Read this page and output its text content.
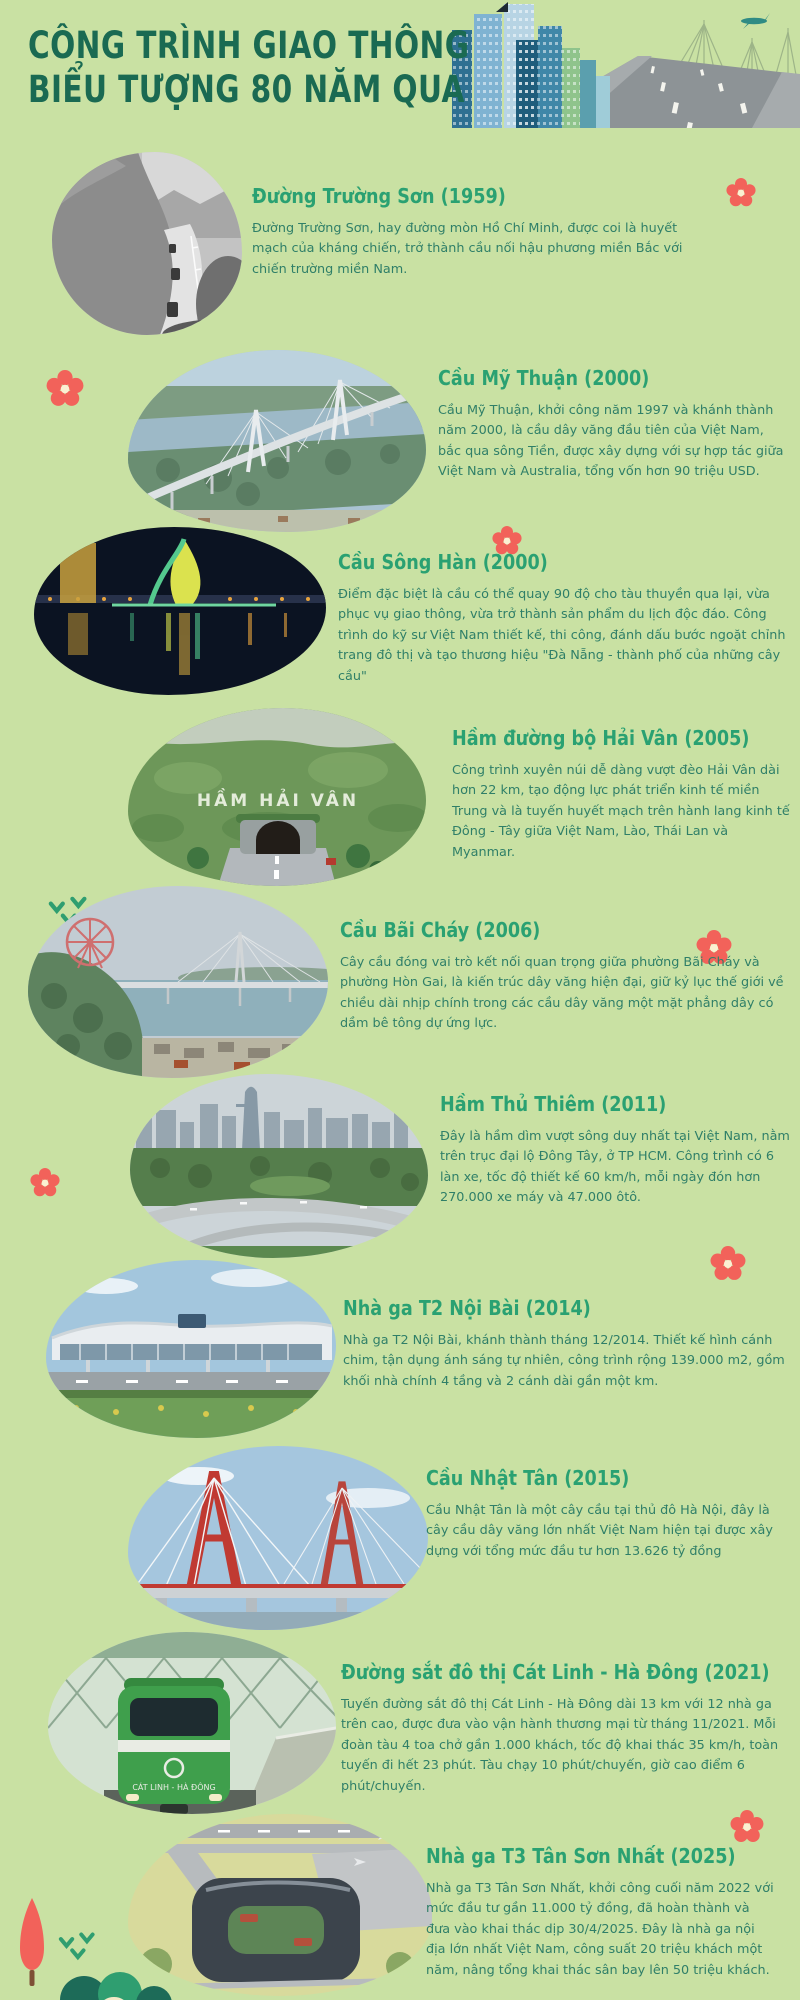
CÔNG TRÌNH GIAO THÔNG
BIỂU TƯỢNG 80 NĂM QUA
Đường Trường Sơn (1959)

Đường Trường Sơn, hay đường mòn Hồ Chí Minh, được coi là huyết mạch của kháng chiến, trở thành cầu nối hậu phương miền Bắc với chiến trường miền Nam.

Cầu Mỹ Thuận (2000)

Cầu Mỹ Thuận, khởi công năm 1997 và khánh thành năm 2000, là cầu dây văng đầu tiên của Việt Nam, bắc qua sông Tiền, được xây dựng với sự hợp tác giữa Việt Nam và Australia, tổng vốn hơn 90 triệu USD.

Cầu Sông Hàn (2000)

Điểm đặc biệt là cầu có thể quay 90 độ cho tàu thuyền qua lại, vừa phục vụ giao thông, vừa trở thành sản phẩm du lịch độc đáo. Công trình do kỹ sư Việt Nam thiết kế, thi công, đánh dấu bước ngoặt chỉnh trang đô thị và tạo thương hiệu "Đà Nẵng - thành phố của những cây cầu"

HẦM HẢI VÂN
Hầm đường bộ Hải Vân (2005)

Công trình xuyên núi dễ dàng vượt đèo Hải Vân dài hơn 22 km, tạo động lực phát triển kinh tế miền Trung và là tuyến huyết mạch trên hành lang kinh tế Đông - Tây giữa Việt Nam, Lào, Thái Lan và Myanmar.

Cầu Bãi Cháy (2006)

Cây cầu đóng vai trò kết nối quan trọng giữa phường Bãi Cháy và phường Hòn Gai, là kiến trúc dây văng hiện đại, giữ kỷ lục thế giới về chiều dài nhịp chính trong các cầu dây văng một mặt phẳng dây có dầm bê tông dự ứng lực.

Hầm Thủ Thiêm (2011)

Đây là hầm dìm vượt sông duy nhất tại Việt Nam, nằm trên trục đại lộ Đông Tây, ở TP HCM. Công trình có 6 làn xe, tốc độ thiết kế 60 km/h, mỗi ngày đón hơn 270.000 xe máy và 47.000 ôtô.

Nhà ga T2 Nội Bài (2014)

Nhà ga T2 Nội Bài, khánh thành tháng 12/2014. Thiết kế hình cánh chim, tận dụng ánh sáng tự nhiên, công trình rộng 139.000 m2, gồm khối nhà chính 4 tầng và 2 cánh dài gần một km.

Cầu Nhật Tân (2015)

Cầu Nhật Tân là một cây cầu tại thủ đô Hà Nội, đây là cây cầu dây văng lớn nhất Việt Nam hiện tại được xây dựng với tổng mức đầu tư hơn 13.626 tỷ đồng

CÁT LINH - HÀ ĐÔNG
Đường sắt đô thị Cát Linh - Hà Đông (2021)

Tuyến đường sắt đô thị Cát Linh - Hà Đông dài 13 km với 12 nhà ga trên cao, được đưa vào vận hành thương mại từ tháng 11/2021. Mỗi đoàn tàu 4 toa chở gần 1.000 khách, tốc độ khai thác 35 km/h, toàn tuyến đi hết 23 phút. Tàu chạy 10 phút/chuyến, giờ cao điểm 6 phút/chuyến.

Nhà ga T3 Tân Sơn Nhất (2025)

Nhà ga T3 Tân Sơn Nhất, khởi công cuối năm 2022 với mức đầu tư gần 11.000 tỷ đồng, đã hoàn thành và đưa vào khai thác dịp 30/4/2025. Đây là nhà ga nội địa lớn nhất Việt Nam, công suất 20 triệu khách một năm, nâng tổng khai thác sân bay lên 50 triệu khách.
